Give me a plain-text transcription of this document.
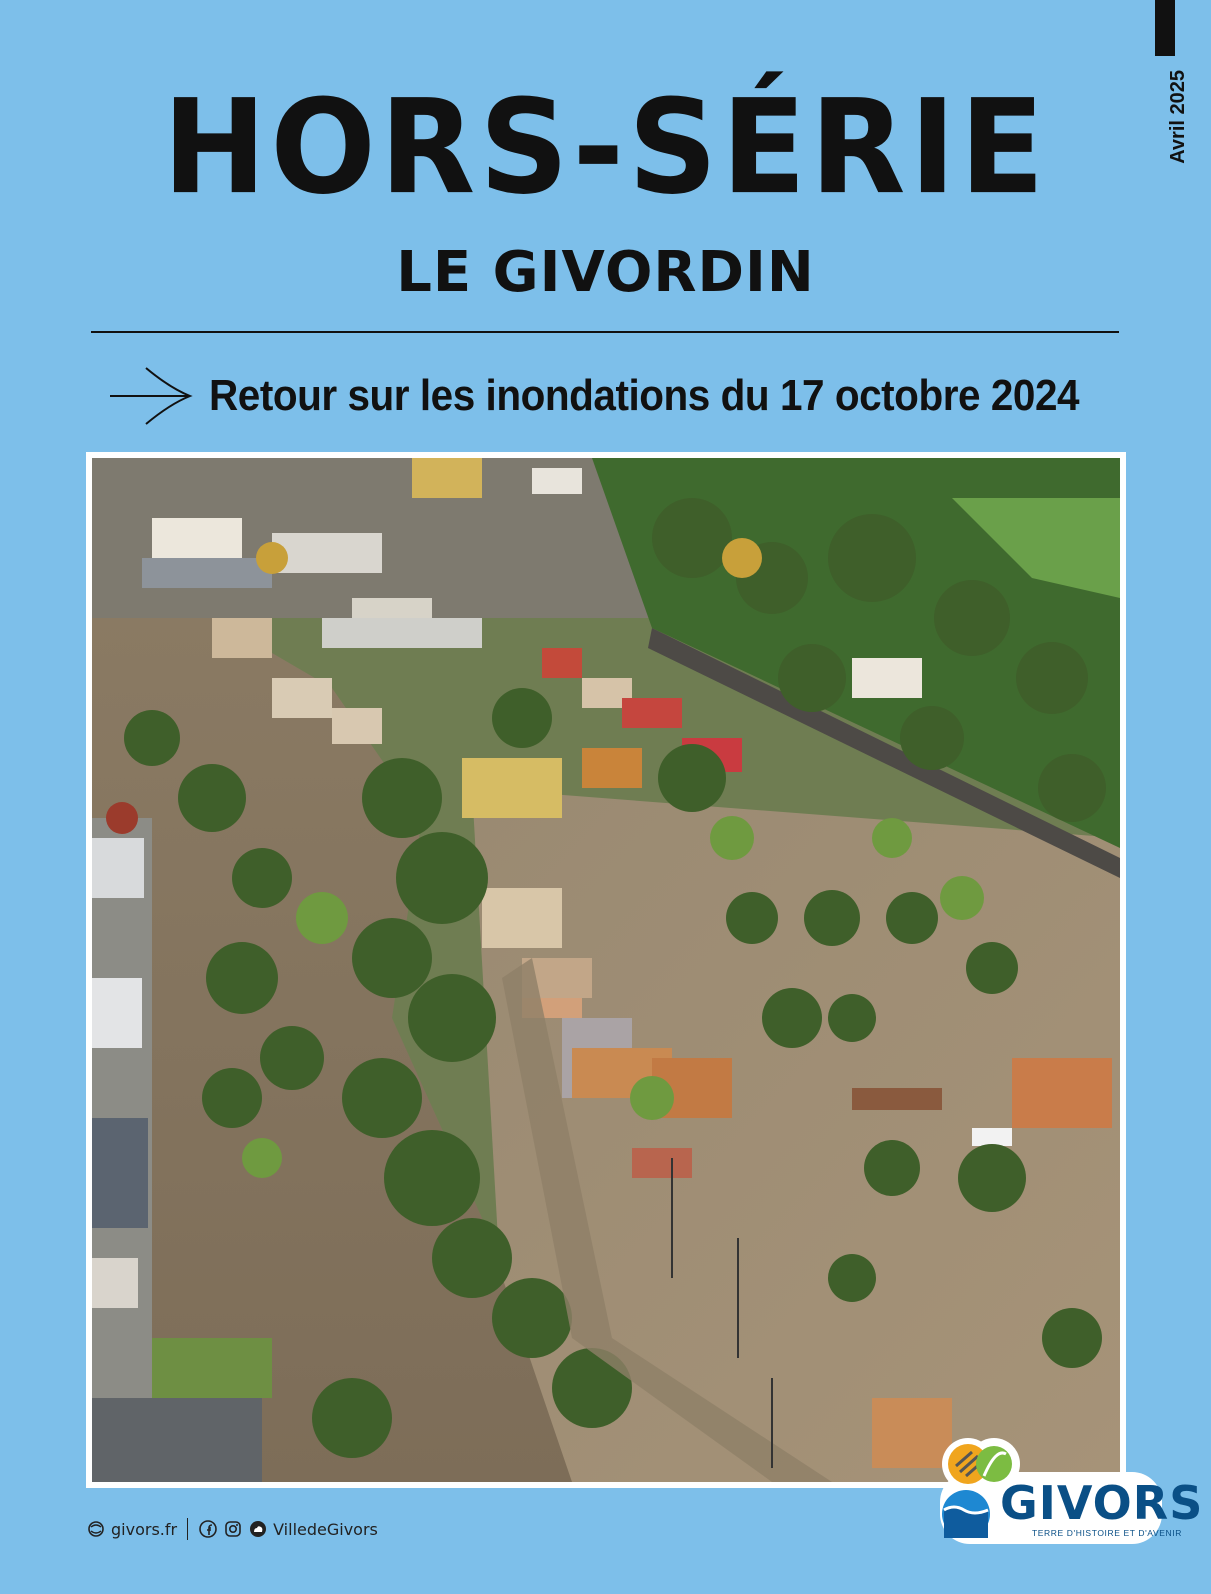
Avril 2025
HORS-SÉRIE
LE GIVORDIN
Retour sur les inondations du 17 octobre 2024
givors.fr	VilledeGivors	GIVORS
TERRE D'HISTOIRE ET D'AVENIR
